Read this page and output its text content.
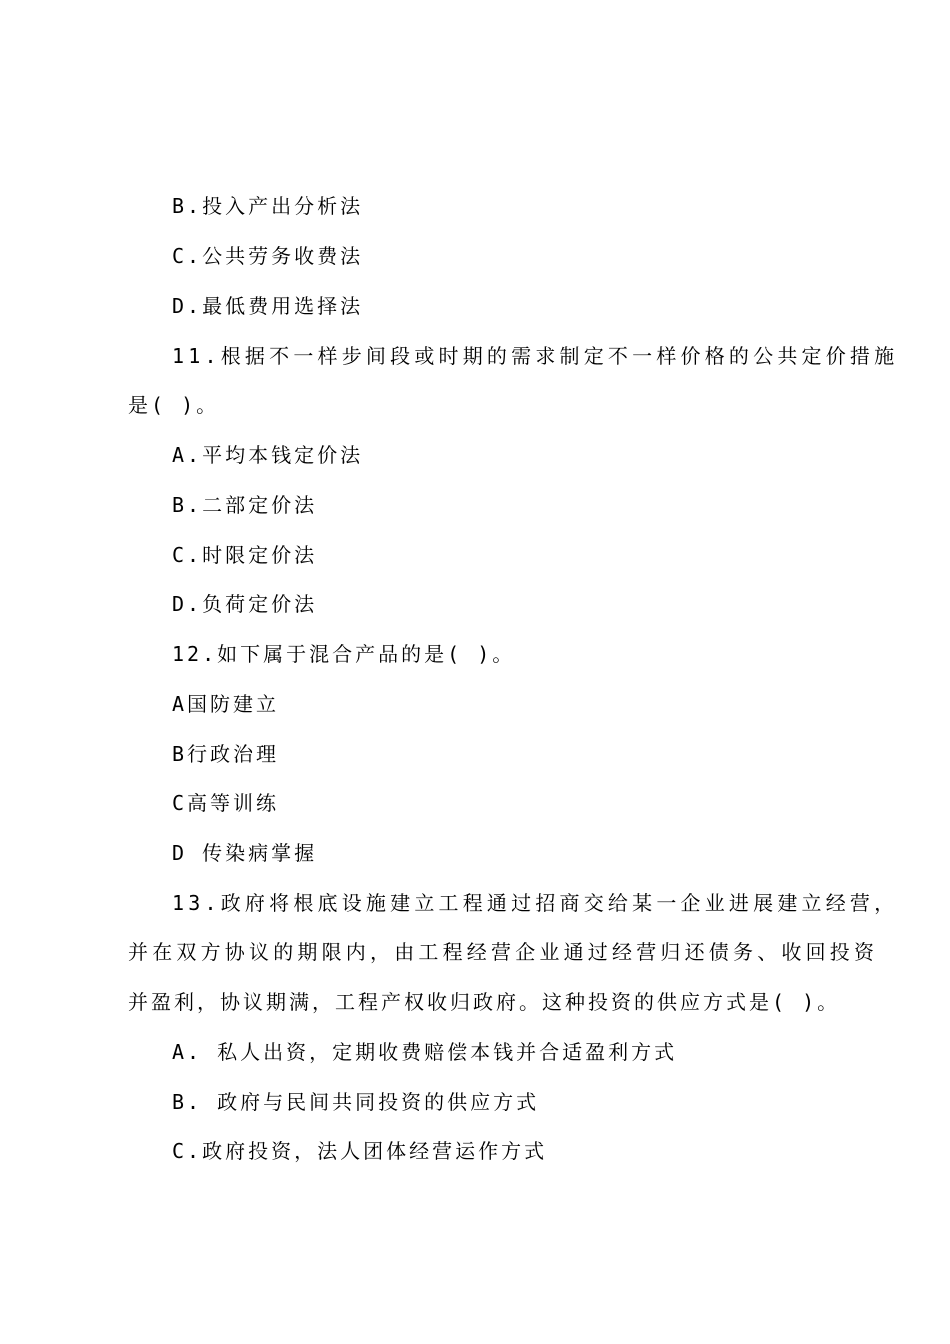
B.投入产出分析法
C.公共劳务收费法
D.最低费用选择法
11.根据不一样步间段或时期的需求制定不一样价格的公共定价措施
是( )。
A.平均本钱定价法
B.二部定价法
C.时限定价法
D.负荷定价法
12.如下属于混合产品的是( )。
A国防建立
B行政治理
C高等训练
D 传染病掌握
13.政府将根底设施建立工程通过招商交给某一企业进展建立经营，
并在双方协议的期限内，由工程经营企业通过经营归还债务、收回投资
并盈利，协议期满，工程产权收归政府。这种投资的供应方式是( )。
A. 私人出资，定期收费赔偿本钱并合适盈利方式
B. 政府与民间共同投资的供应方式
C.政府投资，法人团体经营运作方式
